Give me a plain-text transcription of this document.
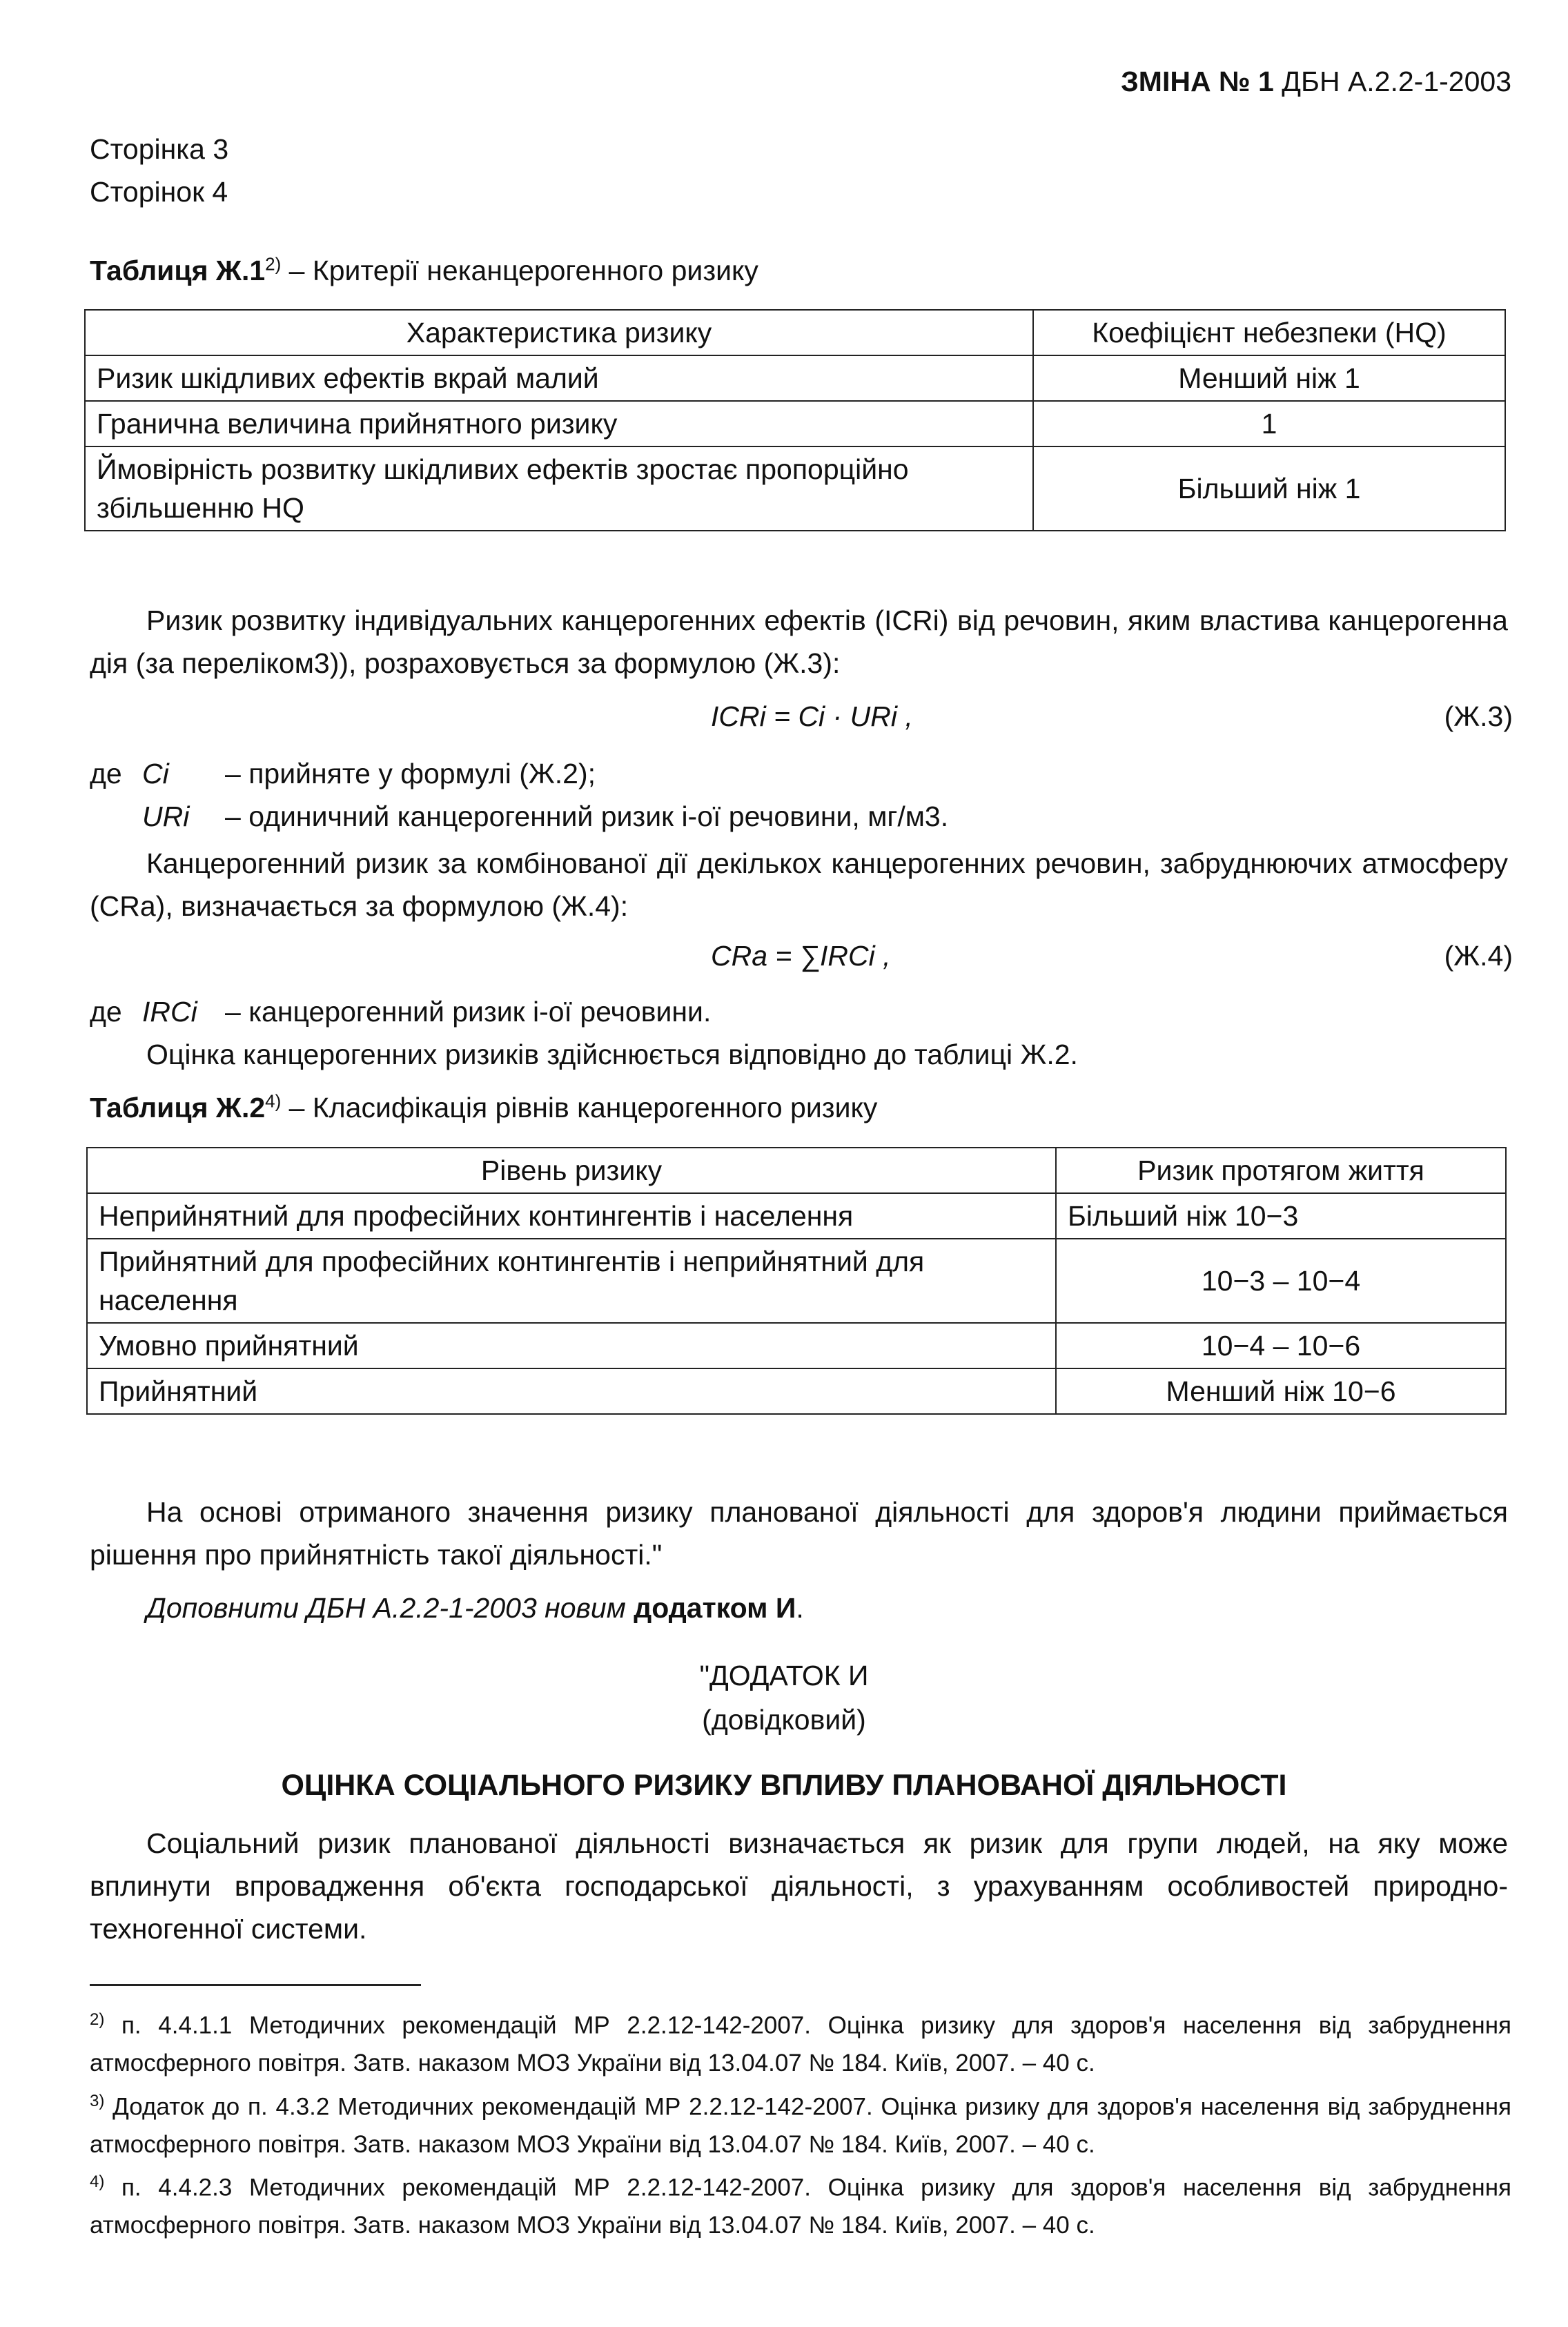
ЗМІНА № 1 ДБН А.2.2-1-2003
Сторінка 3
Сторінок 4
Таблиця Ж.1$^{2)}$ – Критерії неканцерогенного ризику
Характеристика ризику	Коефіцієнт небезпеки (HQ)
Ризик шкідливих ефектів вкрай малий	Менший ніж 1
Гранична величина прийнятного ризику	1
Ймовірність розвитку шкідливих ефектів зростає пропорційно збільшенню HQ	Більший ніж 1
Ризик розвитку індивідуальних канцерогенних ефектів (ICRi) від речовин, яким властива канцерогенна дія (за переліком3)), розраховується за формулою (Ж.3):
ICRi = Ci · URi ,	(Ж.3)
де Ci – прийняте у формулі (Ж.2);
URi – одиничний канцерогенний ризик i-ої речовини, мг/м3.
Канцерогенний ризик за комбінованої дії декількох канцерогенних речовин, забруднюючих атмосферу (CRa), визначається за формулою (Ж.4):
CRa = ∑IRCi ,	(Ж.4)
де IRCi – канцерогенний ризик i-ої речовини.
Оцінка канцерогенних ризиків здійснюється відповідно до таблиці Ж.2.
Таблиця Ж.2$^{4)}$ – Класифікація рівнів канцерогенного ризику
Рівень ризику	Ризик протягом життя
Неприйнятний для професійних контингентів і населення	Більший ніж 10−3
Прийнятний для професійних контингентів і неприйнятний для населення	10−3 – 10−4
Умовно прийнятний	10−4 – 10−6
Прийнятний	Менший ніж 10−6
На основі отриманого значення ризику планованої діяльності для здоров'я людини приймається рішення про прийнятність такої діяльності."
Доповнити ДБН А.2.2-1-2003 новим додатком И.
"ДОДАТОК И
(довідковий)
ОЦІНКА СОЦІАЛЬНОГО РИЗИКУ ВПЛИВУ ПЛАНОВАНОЇ ДІЯЛЬНОСТІ
Соціальний ризик планованої діяльності визначається як ризик для групи людей, на яку може вплинути впровадження об'єкта господарської діяльності, з урахуванням особливостей природно-техногенної системи.
$^{2)}$ п. 4.4.1.1 Методичних рекомендацій МР 2.2.12-142-2007. Оцінка ризику для здоров'я населення від забруднення атмосферного повітря. Затв. наказом МОЗ України від 13.04.07 № 184. Київ, 2007. – 40 с.
$^{3)}$ Додаток до п. 4.3.2 Методичних рекомендацій МР 2.2.12-142-2007. Оцінка ризику для здоров'я населення від забруднення атмосферного повітря. Затв. наказом МОЗ України від 13.04.07 № 184. Київ, 2007. – 40 с.
$^{4)}$ п. 4.4.2.3 Методичних рекомендацій МР 2.2.12-142-2007. Оцінка ризику для здоров'я населення від забруднення атмосферного повітря. Затв. наказом МОЗ України від 13.04.07 № 184. Київ, 2007. – 40 с.
